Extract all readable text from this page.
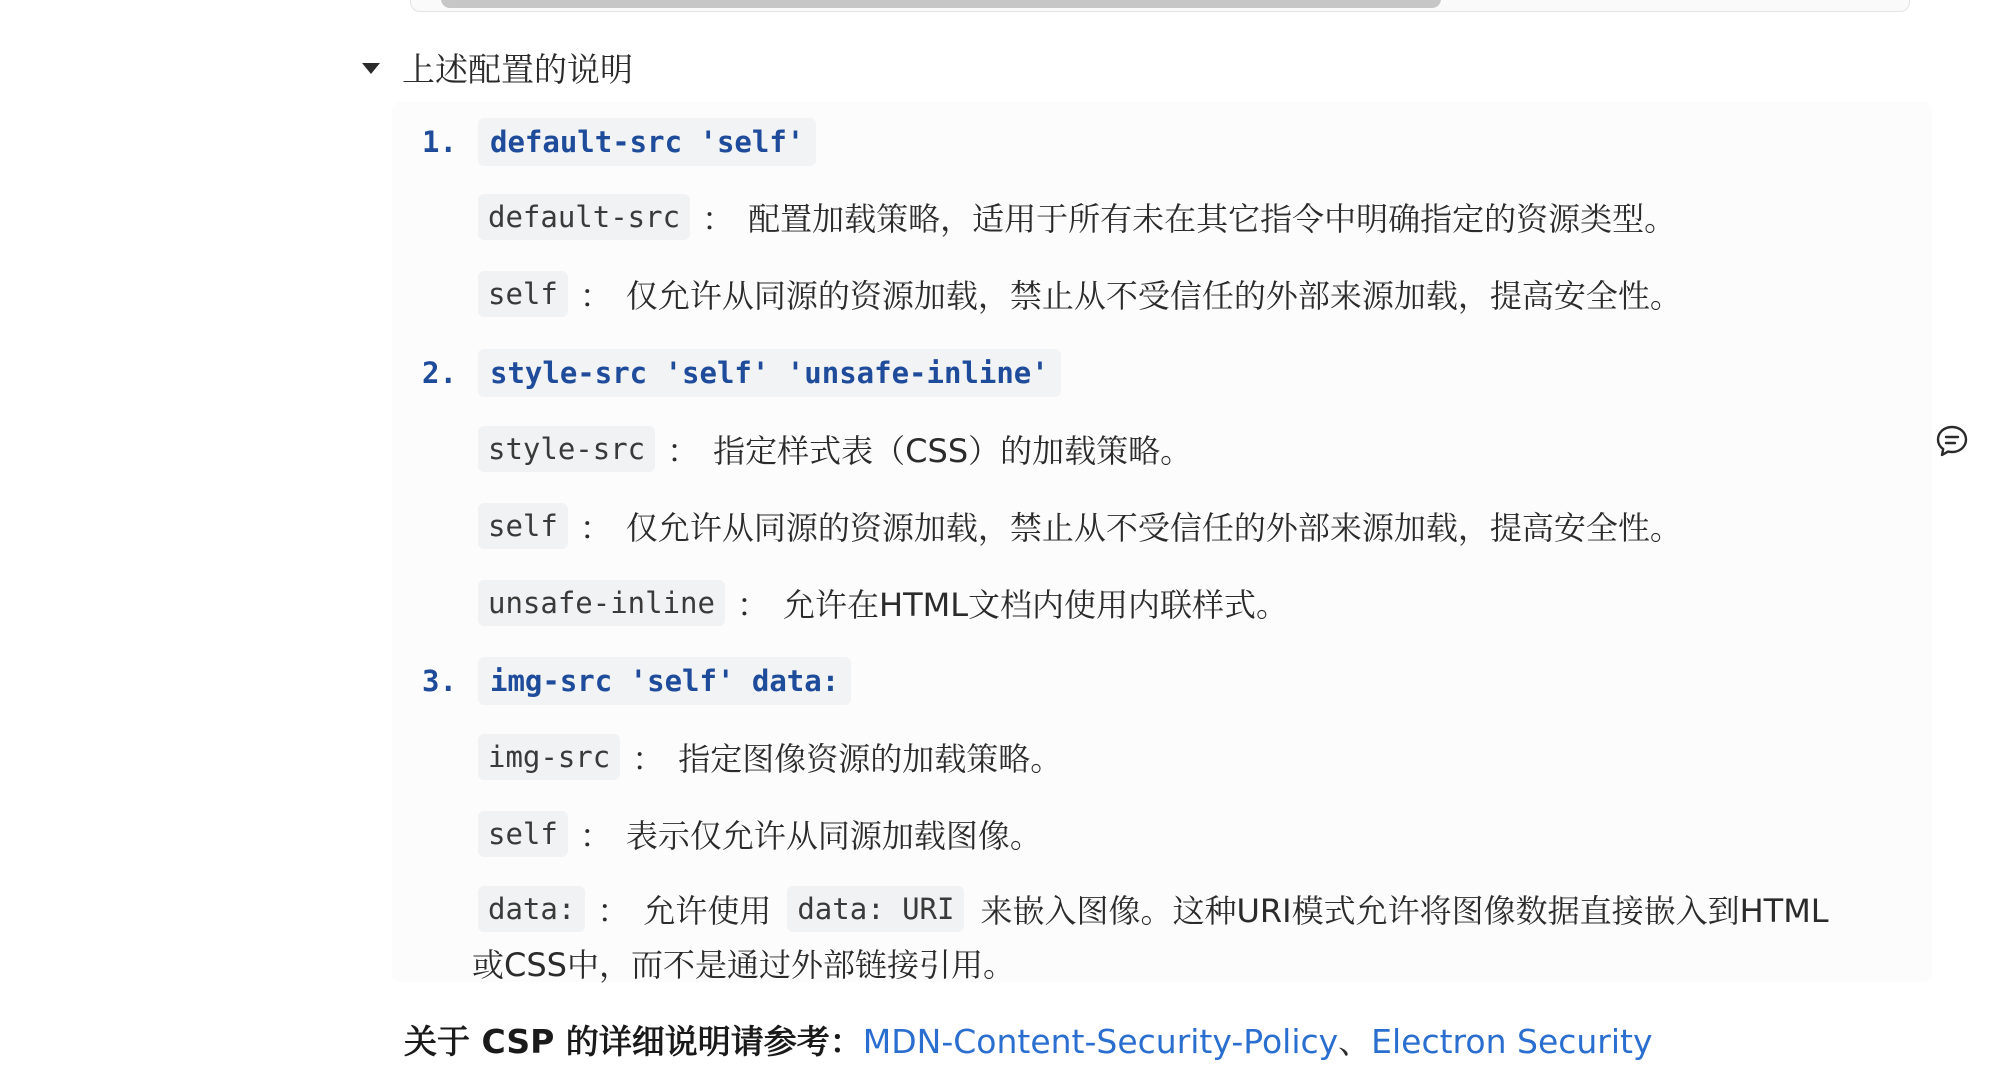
上述配置的说明
1.	default-src 'self'
default-src ： 配置加载策略，适用于所有未在其它指令中明确指定的资源类型。
self ： 仅允许从同源的资源加载，禁止从不受信任的外部来源加载，提高安全性。
2.	style-src 'self' 'unsafe-inline'
style-src ： 指定样式表（CSS）的加载策略。
self ： 仅允许从同源的资源加载，禁止从不受信任的外部来源加载，提高安全性。
unsafe-inline ： 允许在HTML文档内使用内联样式。
3.	img-src 'self' data:
img-src ： 指定图像资源的加载策略。
self ： 表示仅允许从同源加载图像。
data: ： 允许使用 data: URI 来嵌入图像。这种URI模式允许将图像数据直接嵌入到HTML
或CSS中，而不是通过外部链接引用。
关于 CSP 的详细说明请参考：MDN-Content-Security-Policy、Electron Security
